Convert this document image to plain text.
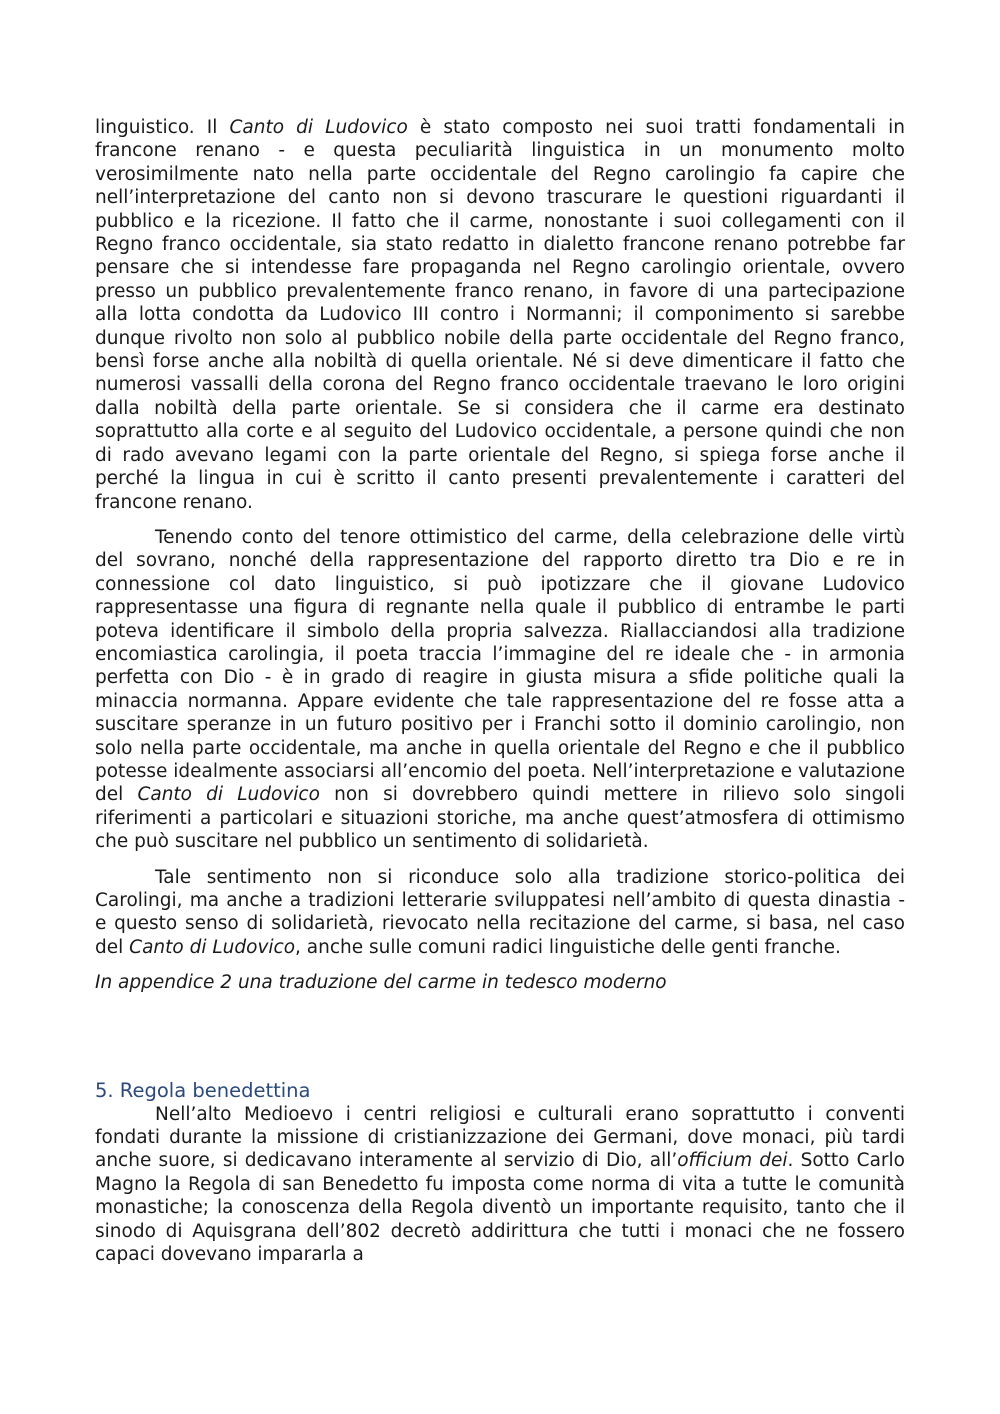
linguistico. Il Canto di Ludovico è stato composto nei suoi tratti fondamentali in francone renano - e questa peculiarità linguistica in un monumento molto verosimilmente nato nella parte occidentale del Regno carolingio fa capire che nell’interpretazione del canto non si devono trascurare le questioni riguardanti il pubblico e la ricezione. Il fatto che il carme, nonostante i suoi collegamenti con il Regno franco occidentale, sia stato redatto in dialetto francone renano potrebbe far pensare che si intendesse fare propaganda nel Regno carolingio orientale, ovvero presso un pubblico prevalentemente franco renano, in favore di una partecipazione alla lotta condotta da Ludovico III contro i Normanni; il componimento si sarebbe dunque rivolto non solo al pubblico nobile della parte occidentale del Regno franco, bensì forse anche alla nobiltà di quella orientale. Né si deve dimenticare il fatto che numerosi vassalli della corona del Regno franco occidentale traevano le loro origini dalla nobiltà della parte orientale. Se si considera che il carme era destinato soprattutto alla corte e al seguito del Ludovico occidentale, a persone quindi che non di rado avevano legami con la parte orientale del Regno, si spiega forse anche il perché la lingua in cui è scritto il canto presenti prevalentemente i caratteri del francone renano.

Tenendo conto del tenore ottimistico del carme, della celebrazione delle virtù del sovrano, nonché della rappresentazione del rapporto diretto tra Dio e re in connessione col dato linguistico, si può ipotizzare che il giovane Ludovico rappresentasse una figura di regnante nella quale il pubblico di entrambe le parti poteva identificare il simbolo della propria salvezza. Riallacciandosi alla tradizione encomiastica carolingia, il poeta traccia l’immagine del re ideale che - in armonia perfetta con Dio - è in grado di reagire in giusta misura a sfide politiche quali la minaccia normanna. Appare evidente che tale rappresentazione del re fosse atta a suscitare speranze in un futuro positivo per i Franchi sotto il dominio carolingio, non solo nella parte occidentale, ma anche in quella orientale del Regno e che il pubblico potesse idealmente associarsi all’encomio del poeta. Nell’interpretazione e valutazione del Canto di Ludovico non si dovrebbero quindi mettere in rilievo solo singoli riferimenti a particolari e situazioni storiche, ma anche quest’atmosfera di ottimismo che può suscitare nel pubblico un sentimento di solidarietà.

Tale sentimento non si riconduce solo alla tradizione storico-politica dei Carolingi, ma anche a tradizioni letterarie sviluppatesi nell’ambito di questa dinastia - e questo senso di solidarietà, rievocato nella recitazione del carme, si basa, nel caso del Canto di Ludovico, anche sulle comuni radici linguistiche delle genti franche.

In appendice 2 una traduzione del carme in tedesco moderno

5. Regola benedettina

Nell’alto Medioevo i centri religiosi e culturali erano soprattutto i conventi fondati durante la missione di cristianizzazione dei Germani, dove monaci, più tardi anche suore, si dedicavano interamente al servizio di Dio, all’officium dei. Sotto Carlo Magno la Regola di san Benedetto fu imposta come norma di vita a tutte le comunità monastiche; la conoscenza della Regola diventò un importante requisito, tanto che il sinodo di Aquisgrana dell’802 decretò addirittura che tutti i monaci che ne fossero capaci dovevano impararla a
